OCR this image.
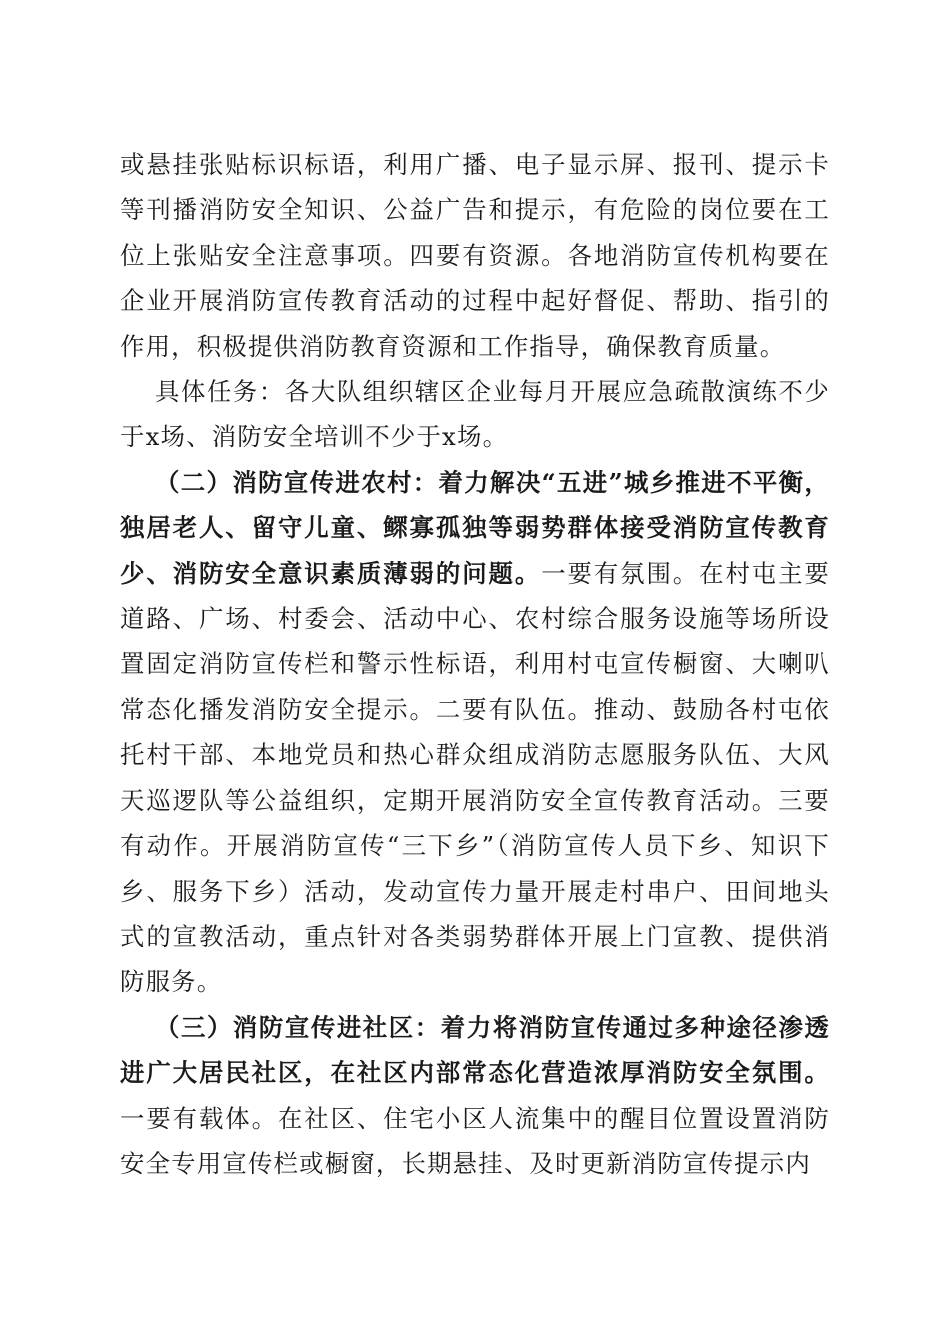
或悬挂张贴标识标语，利用广播、电子显示屏、报刊、提示卡等刊播消防安全知识、公益广告和提示，有危险的岗位要在工位上张贴安全注意事项。四要有资源。各地消防宣传机构要在企业开展消防宣传教育活动的过程中起好督促、帮助、指引的作用，积极提供消防教育资源和工作指导，确保教育质量。

具体任务：各大队组织辖区企业每月开展应急疏散演练不少于x场、消防安全培训不少于x场。

（二）消防宣传进农村：着力解决“五进”城乡推进不平衡，独居老人、留守儿童、鳏寡孤独等弱势群体接受消防宣传教育少、消防安全意识素质薄弱的问题。一要有氛围。在村屯主要道路、广场、村委会、活动中心、农村综合服务设施等场所设置固定消防宣传栏和警示性标语，利用村屯宣传橱窗、大喇叭常态化播发消防安全提示。二要有队伍。推动、鼓励各村屯依托村干部、本地党员和热心群众组成消防志愿服务队伍、大风天巡逻队等公益组织，定期开展消防安全宣传教育活动。三要有动作。开展消防宣传“三下乡”（消防宣传人员下乡、知识下乡、服务下乡）活动，发动宣传力量开展走村串户、田间地头式的宣教活动，重点针对各类弱势群体开展上门宣教、提供消防服务。

（三）消防宣传进社区：着力将消防宣传通过多种途径渗透进广大居民社区，在社区内部常态化营造浓厚消防安全氛围。一要有载体。在社区、住宅小区人流集中的醒目位置设置消防安全专用宣传栏或橱窗，长期悬挂、及时更新消防宣传提示内
